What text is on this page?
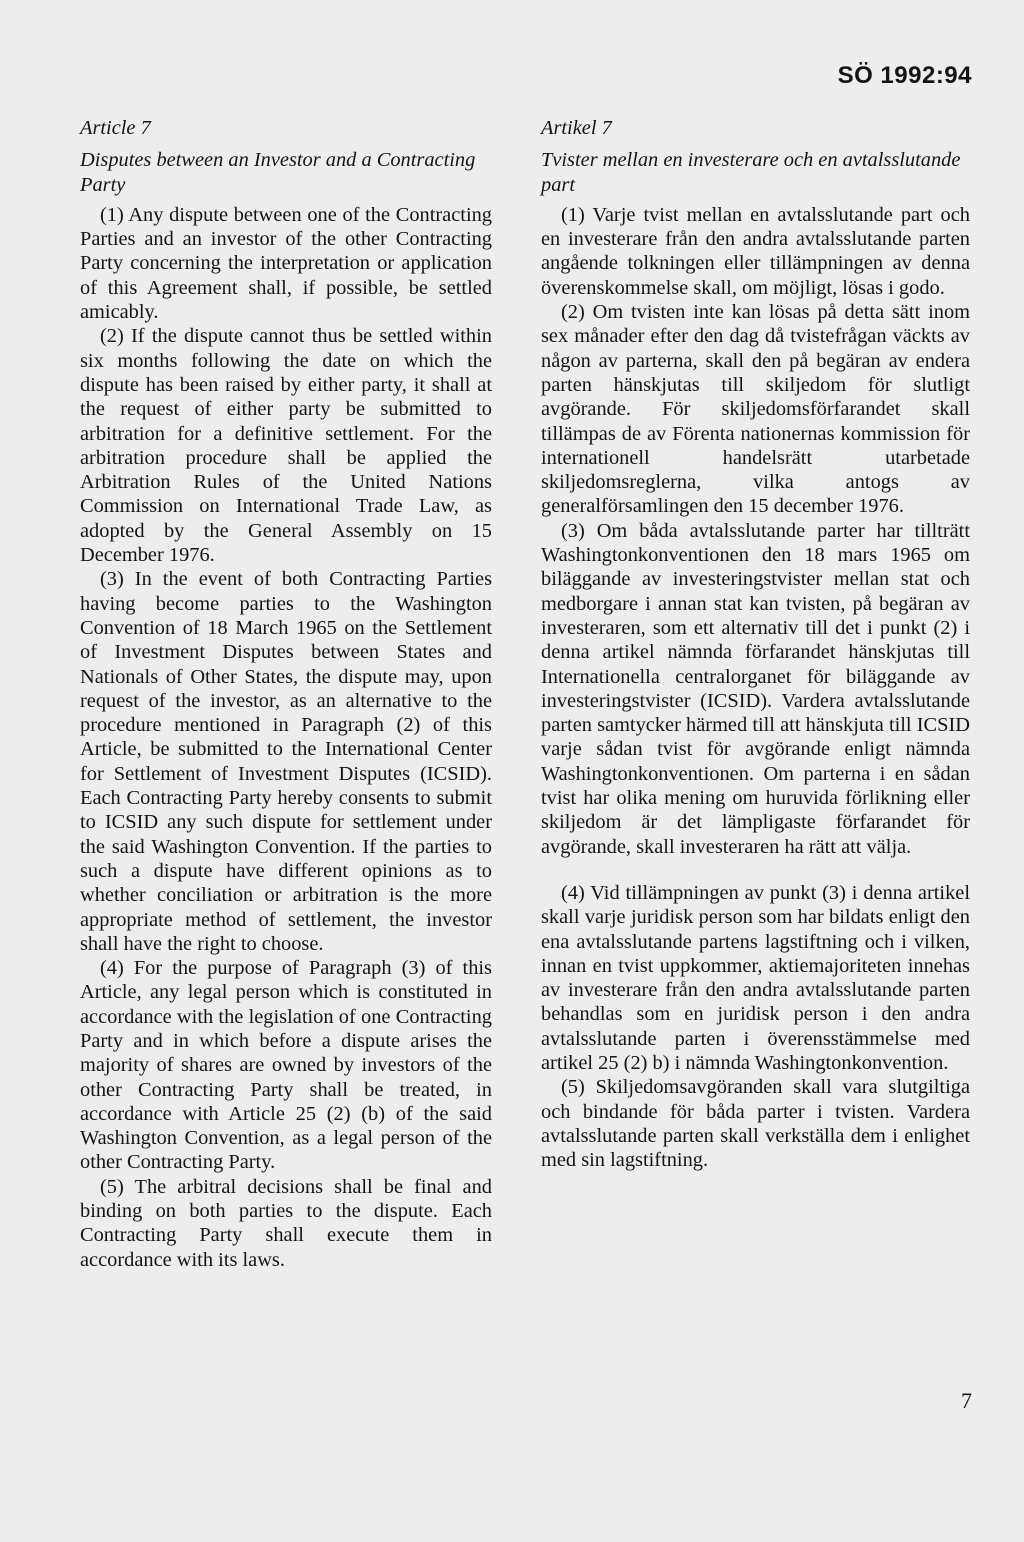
SÖ 1992:94
Article 7
Disputes between an Investor and a Contracting Party

(1) Any dispute between one of the Contracting Parties and an investor of the other Contracting Party concerning the interpretation or application of this Agreement shall, if possible, be settled amicably.

(2) If the dispute cannot thus be settled within six months following the date on which the dispute has been raised by either party, it shall at the request of either party be submitted to arbitration for a definitive settlement. For the arbitration procedure shall be applied the Arbitration Rules of the United Nations Commission on International Trade Law, as adopted by the General Assembly on 15 December 1976.

(3) In the event of both Contracting Parties having become parties to the Washington Convention of 18 March 1965 on the Settlement of Investment Disputes between States and Nationals of Other States, the dispute may, upon request of the investor, as an alternative to the procedure mentioned in Paragraph (2) of this Article, be submitted to the International Center for Settlement of Investment Disputes (ICSID). Each Contracting Party hereby consents to submit to ICSID any such dispute for settlement under the said Washington Convention. If the parties to such a dispute have different opinions as to whether conciliation or arbitration is the more appropriate method of settlement, the investor shall have the right to choose.

(4) For the purpose of Paragraph (3) of this Article, any legal person which is constituted in accordance with the legislation of one Contracting Party and in which before a dispute arises the majority of shares are owned by investors of the other Contracting Party shall be treated, in accordance with Article 25 (2) (b) of the said Washington Convention, as a legal person of the other Contracting Party.

(5) The arbitral decisions shall be final and binding on both parties to the dispute. Each Contracting Party shall execute them in accordance with its laws.

Artikel 7
Tvister mellan en investerare och en avtalsslutande part

(1) Varje tvist mellan en avtalsslutande part och en investerare från den andra avtalsslutande parten angående tolkningen eller tillämpningen av denna överenskommelse skall, om möjligt, lösas i godo.

(2) Om tvisten inte kan lösas på detta sätt inom sex månader efter den dag då tvistefrågan väckts av någon av parterna, skall den på begäran av endera parten hänskjutas till skiljedom för slutligt avgörande. För skiljedomsförfarandet skall tillämpas de av Förenta nationernas kommission för internationell handelsrätt utarbetade skiljedomsreglerna, vilka antogs av generalförsamlingen den 15 december 1976.

(3) Om båda avtalsslutande parter har tillträtt Washingtonkonventionen den 18 mars 1965 om biläggande av investeringstvister mellan stat och medborgare i annan stat kan tvisten, på begäran av investeraren, som ett alternativ till det i punkt (2) i denna artikel nämnda förfarandet hänskjutas till Internationella centralorganet för biläggande av investeringstvister (ICSID). Vardera avtalsslutande parten samtycker härmed till att hänskjuta till ICSID varje sådan tvist för avgörande enligt nämnda Washingtonkonventionen. Om parterna i en sådan tvist har olika mening om huruvida förlikning eller skiljedom är det lämpligaste förfarandet för avgörande, skall investeraren ha rätt att välja.

(4) Vid tillämpningen av punkt (3) i denna artikel skall varje juridisk person som har bildats enligt den ena avtalsslutande partens lagstiftning och i vilken, innan en tvist uppkommer, aktiemajoriteten innehas av investerare från den andra avtalsslutande parten behandlas som en juridisk person i den andra avtalsslutande parten i överensstämmelse med artikel 25 (2) b) i nämnda Washingtonkonvention.

(5) Skiljedomsavgöranden skall vara slutgiltiga och bindande för båda parter i tvisten. Vardera avtalsslutande parten skall verkställa dem i enlighet med sin lagstiftning.

7
